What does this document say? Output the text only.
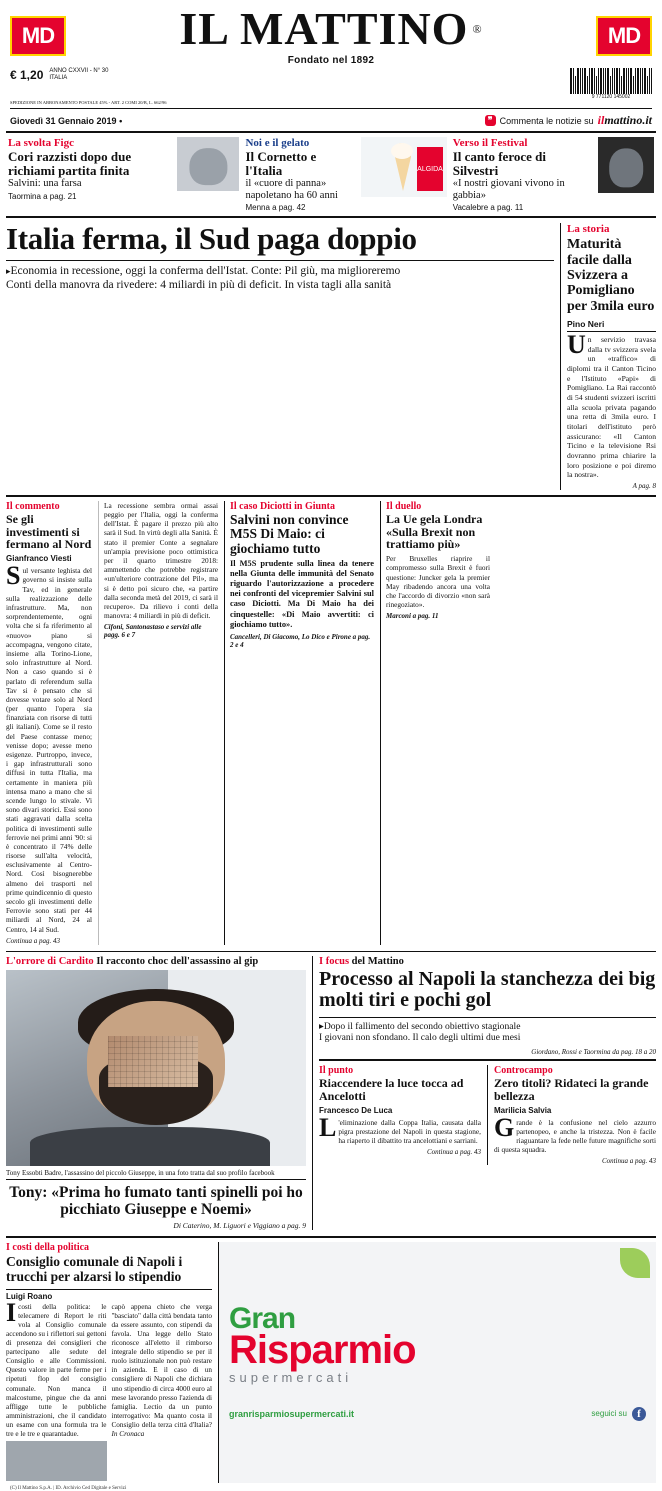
MD	IL MATTINO ®
Fondato nel 1892
MD
€ 1,20 ANNO CXXVII - N° 30
ITALIA
9 771120 145002
SPEDIZIONE IN ABBONAMENTO POSTALE 45% - ART. 2 COMI 20/B, L. 662/96
Giovedì 31 Gennaio 2019 •	❞ Commenta le notizie su ilmattino.it
La svolta Figc
Cori razzisti dopo due richiami partita finita
Salvini: una farsa
Taormina a pag. 21
Noi e il gelato
Il Cornetto e l'Italia
il «cuore di panna» napoletano ha 60 anni
Menna a pag. 42
ALGIDA
Verso il Festival
Il canto feroce di Silvestri
«I nostri giovani vivono in gabbia»
Vacalebre a pag. 11
Italia ferma, il Sud paga doppio
▸Economia in recessione, oggi la conferma dell'Istat. Conte: Pil giù, ma miglioreremo
Conti della manovra da rivedere: 4 miliardi in più di deficit. In vista tagli alla sanità
La storia
Maturità facile dalla Svizzera a Pomigliano per 3mila euro
Pino Neri
Un servizio travasa dalla tv svizzera svela un «traffico» di diplomi tra il Canton Ticino e l'Istituto «Papi» di Pomigliano. La Rai raccontò di 54 studenti svizzeri iscritti alla scuola privata pagando una retta di 3mila euro. I titolari dell'istituto però assicurano: «Il Canton Ticino e la televisione Rsi dovranno prima chiarire la loro posizione e poi diremo la nostra».
A pag. 8
Il commento
Se gli investimenti si fermano al Nord
Gianfranco Viesti
Sul versante leghista del governo si insiste sulla Tav, ed in generale sulla realizzazione delle infrastrutture. Ma, non sorprendentemente, ogni volta che si fa riferimento al «nuovo» piano si accompagna, vengono citate, insieme alla Torino-Lione, solo infrastrutture al Nord. Non a caso quando si è parlato di referendum sulla Tav si è pensato che si dovesse votare solo al Nord (per quanto l'opera sia finanziata con risorse di tutti gli italiani). Come se il resto del Paese contasse meno; venisse dopo; avesse meno esigenze. Purtroppo, invece, i gap infrastrutturali sono diffusi in tutta l'Italia, ma certamente in maniera più intensa mano a mano che si scende lungo lo stivale. Vi sono divari storici. Essi sono stati aggravati dalla scelta politica di investimenti sulle ferrovie nei primi anni '90: si è concentrato il 74% delle risorse sull'alta velocità, esclusivamente al Centro-Nord. Così bisognerebbe almeno dei trasporti nel prime quindicennio di questo secolo gli investimenti delle Ferrovie sono stati per 44 miliardi al Nord, 24 al Centro, 14 al Sud.
Continua a pag. 43
La recessione sembra ormai assai peggio per l'Italia, oggi la conferma dell'Istat. È pagare il prezzo più alto sarà il Sud. In virtù degli alla Sanità. È stato il premier Conte a segnalare un'ampia previsione poco ottimistica per il quarto trimestre 2018: ammettendo che potrebbe registrare «un'ulteriore contrazione del Pil», ma si è detto poi sicuro che, «a partire dalla seconda metà del 2019, ci sarà il recupero». Da rilievo i conti della manovra: 4 miliardi in più di deficit.
Cifoni, Santonastaso e servizi alle pagg. 6 e 7
Il caso Diciotti in Giunta
Salvini non convince M5S Di Maio: ci giochiamo tutto
Il M5S prudente sulla linea da tenere nella Giunta delle immunità del Senato riguardo l'autorizzazione a procedere nei confronti del vicepremier Salvini sul caso Diciotti. Ma Di Maio ha dei cinquestelle: «Di Maio avvertiti: ci giochiamo tutto».
Cancelleri, Di Giacomo, Lo Dico e Pirone a pag. 2 e 4
Il duello
La Ue gela Londra «Sulla Brexit non trattiamo più»
Per Bruxelles riaprire il compromesso sulla Brexit è fuori questione: Juncker gela la premier May ribadendo ancora una volta che l'accordo di divorzio «non sarà rinegoziato».
Marconi a pag. 11
L'orrore di Cardito Il racconto choc dell'assassino al gip
Tony Essobti Badre, l'assassino del piccolo Giuseppe, in una foto tratta dal suo profilo facebook
Tony: «Prima ho fumato tanti spinelli poi ho picchiato Giuseppe e Noemi»
Di Caterino, M. Liguori e Viggiano a pag. 9
I focus del Mattino
Processo al Napoli la stanchezza dei big molti tiri e pochi gol
▸Dopo il fallimento del secondo obiettivo stagionale
I giovani non sfondano. Il calo degli ultimi due mesi
Giordano, Rossi e Taormina da pag. 18 a 20
Il punto
Riaccendere la luce tocca ad Ancelotti
Francesco De Luca
L 'eliminazione dalla Coppa Italia, causata dalla pigra prestazione del Napoli in questa stagione, ha riaperto il dibattito tra ancelottiani e sarriani.
Continua a pag. 43
Controcampo
Zero titoli? Ridateci la grande bellezza
Marilicia Salvia
Grande è la confusione nel cielo azzurro partenopeo, e anche la tristezza. Non è facile riaguantare la fede nelle future magnifiche sorti di questa squadra.
Continua a pag. 43
I costi della politica
Consiglio comunale di Napoli i trucchi per alzarsi lo stipendio
Luigi Roano
Icosti della politica: le telecamere di Report le riti vola al Consiglio comunale accendono su i riflettori sui gettoni di presenza dei consiglieri che partecipano alle sedute del Consiglio e alle Commissioni. Questo valore in parte ferme per i ripetuti flop del consiglio comunale. Non manca il malcostume, pingue che da anni affligge tutte le pubbliche amministrazioni, che il candidato un esame con una formula tra le tre e le tre e quarantadue.
capò appena chieto che verga "basciato" dalla città bendata tanto da essere assunto, con stipendi da favola. Una legge dello Stato riconosce all'eletto il rimborso integrale dello stipendio se per il ruolo istituzionale non può restare in azienda. E il caso di un consigliere di Napoli che dichiara uno stipendio di circa 4000 euro al mese lavorando presso l'azienda di famiglia. Lectio da un punto interrogativo: Ma quanto costa il Consiglio della terza città d'Italia? In Cronaca
Gran
Risparmio
supermercati
granrisparmiosupermercati.it	seguici su f
(C) Il Mattino S.p.A. | ID. Archivio Ced Digitale e Servizi
